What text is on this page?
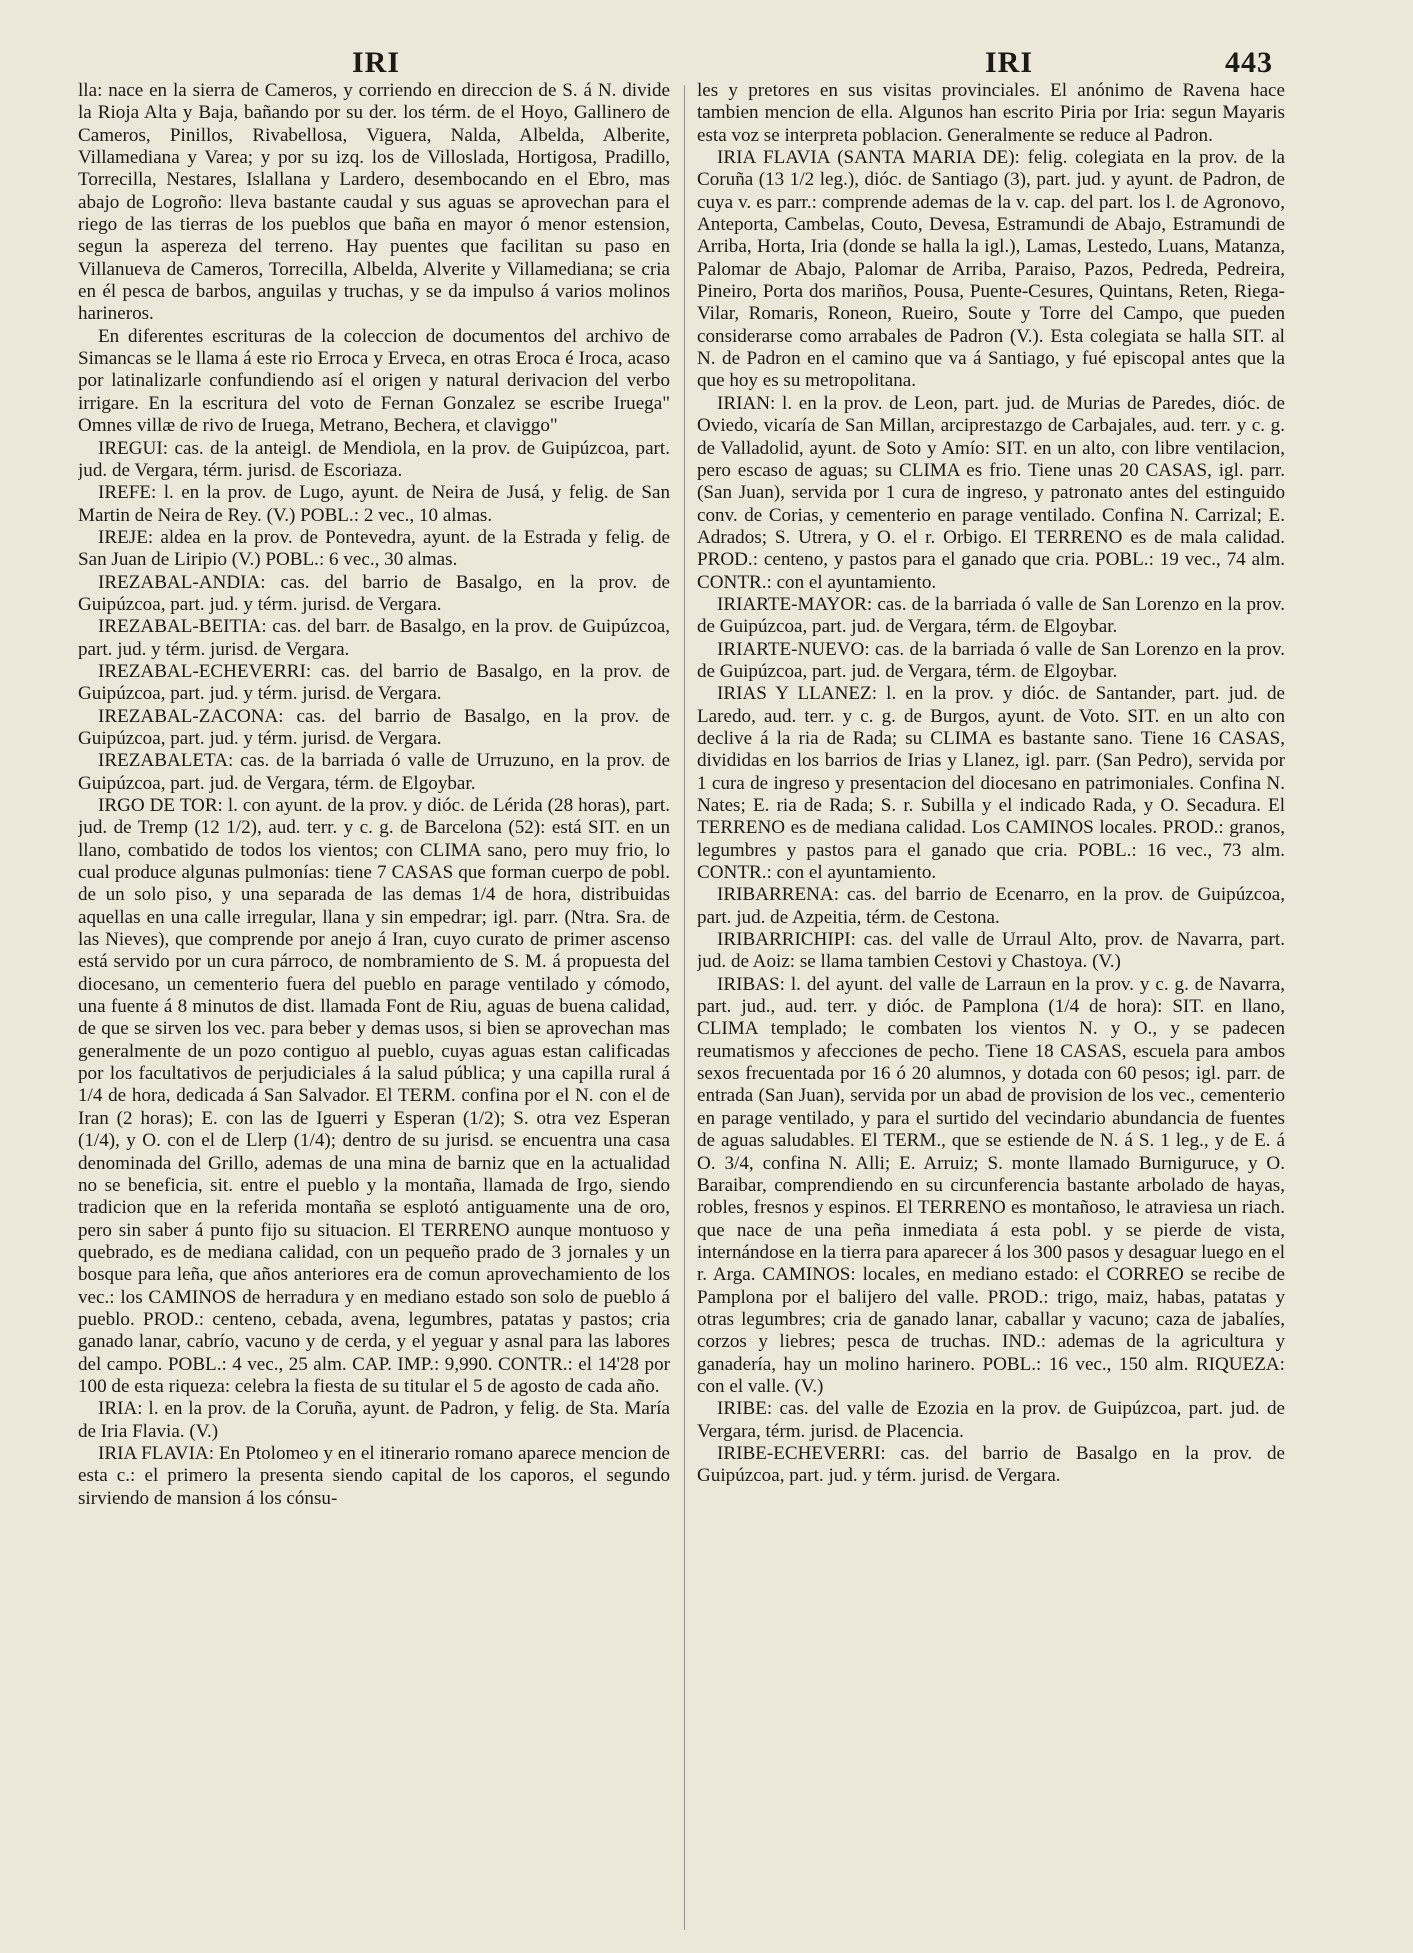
IRI	IRI	443

lla: nace en la sierra de Cameros, y corriendo en direccion de S. á N. divide la Rioja Alta y Baja, bañando por su der. los térm. de el Hoyo, Gallinero de Cameros, Pinillos, Rivabellosa, Viguera, Nalda, Albelda, Alberite, Villamediana y Varea; y por su izq. los de Villoslada, Hortigosa, Pradillo, Torrecilla, Nestares, Islallana y Lardero, desembocando en el Ebro, mas abajo de Logroño: lleva bastante caudal y sus aguas se aprovechan para el riego de las tierras de los pueblos que baña en mayor ó menor estension, segun la aspereza del terreno. Hay puentes que facilitan su paso en Villanueva de Cameros, Torrecilla, Albelda, Alverite y Villamediana; se cria en él pesca de barbos, anguilas y truchas, y se da impulso á varios molinos harineros.

En diferentes escrituras de la coleccion de documentos del archivo de Simancas se le llama á este rio Erroca y Erveca, en otras Eroca é Iroca, acaso por latinalizarle confundiendo así el origen y natural derivacion del verbo irrigare. En la escritura del voto de Fernan Gonzalez se escribe Iruega" Omnes villæ de rivo de Iruega, Metrano, Bechera, et claviggo"

IREGUI: cas. de la anteigl. de Mendiola, en la prov. de Guipúzcoa, part. jud. de Vergara, térm. jurisd. de Escoriaza.

IREFE: l. en la prov. de Lugo, ayunt. de Neira de Jusá, y felig. de San Martin de Neira de Rey. (V.) POBL.: 2 vec., 10 almas.

IREJE: aldea en la prov. de Pontevedra, ayunt. de la Estrada y felig. de San Juan de Liripio (V.) POBL.: 6 vec., 30 almas.

IREZABAL-ANDIA: cas. del barrio de Basalgo, en la prov. de Guipúzcoa, part. jud. y térm. jurisd. de Vergara.

IREZABAL-BEITIA: cas. del barr. de Basalgo, en la prov. de Guipúzcoa, part. jud. y térm. jurisd. de Vergara.

IREZABAL-ECHEVERRI: cas. del barrio de Basalgo, en la prov. de Guipúzcoa, part. jud. y térm. jurisd. de Vergara.

IREZABAL-ZACONA: cas. del barrio de Basalgo, en la prov. de Guipúzcoa, part. jud. y térm. jurisd. de Vergara.

IREZABALETA: cas. de la barriada ó valle de Urruzuno, en la prov. de Guipúzcoa, part. jud. de Vergara, térm. de Elgoybar.

IRGO DE TOR: l. con ayunt. de la prov. y dióc. de Lérida (28 horas), part. jud. de Tremp (12 1/2), aud. terr. y c. g. de Barcelona (52): está SIT. en un llano, combatido de todos los vientos; con CLIMA sano, pero muy frio, lo cual produce algunas pulmonías: tiene 7 CASAS que forman cuerpo de pobl. de un solo piso, y una separada de las demas 1/4 de hora, distribuidas aquellas en una calle irregular, llana y sin empedrar; igl. parr. (Ntra. Sra. de las Nieves), que comprende por anejo á Iran, cuyo curato de primer ascenso está servido por un cura párroco, de nombramiento de S. M. á propuesta del diocesano, un cementerio fuera del pueblo en parage ventilado y cómodo, una fuente á 8 minutos de dist. llamada Font de Riu, aguas de buena calidad, de que se sirven los vec. para beber y demas usos, si bien se aprovechan mas generalmente de un pozo contiguo al pueblo, cuyas aguas estan calificadas por los facultativos de perjudiciales á la salud pública; y una capilla rural á 1/4 de hora, dedicada á San Salvador. El TERM. confina por el N. con el de Iran (2 horas); E. con las de Iguerri y Esperan (1/2); S. otra vez Esperan (1/4), y O. con el de Llerp (1/4); dentro de su jurisd. se encuentra una casa denominada del Grillo, ademas de una mina de barniz que en la actualidad no se beneficia, sit. entre el pueblo y la montaña, llamada de Irgo, siendo tradicion que en la referida montaña se esplotó antiguamente una de oro, pero sin saber á punto fijo su situacion. El TERRENO aunque montuoso y quebrado, es de mediana calidad, con un pequeño prado de 3 jornales y un bosque para leña, que años anteriores era de comun aprovechamiento de los vec.: los CAMINOS de herradura y en mediano estado son solo de pueblo á pueblo. PROD.: centeno, cebada, avena, legumbres, patatas y pastos; cria ganado lanar, cabrío, vacuno y de cerda, y el yeguar y asnal para las labores del campo. POBL.: 4 vec., 25 alm. CAP. IMP.: 9,990. CONTR.: el 14'28 por 100 de esta riqueza: celebra la fiesta de su titular el 5 de agosto de cada año.

IRIA: l. en la prov. de la Coruña, ayunt. de Padron, y felig. de Sta. María de Iria Flavia. (V.)

IRIA FLAVIA: En Ptolomeo y en el itinerario romano aparece mencion de esta c.: el primero la presenta siendo capital de los caporos, el segundo sirviendo de mansion á los cónsu-

les y pretores en sus visitas provinciales. El anónimo de Ravena hace tambien mencion de ella. Algunos han escrito Piria por Iria: segun Mayaris esta voz se interpreta poblacion. Generalmente se reduce al Padron.

IRIA FLAVIA (SANTA MARIA DE): felig. colegiata en la prov. de la Coruña (13 1/2 leg.), dióc. de Santiago (3), part. jud. y ayunt. de Padron, de cuya v. es parr.: comprende ademas de la v. cap. del part. los l. de Agronovo, Anteporta, Cambelas, Couto, Devesa, Estramundi de Abajo, Estramundi de Arriba, Horta, Iria (donde se halla la igl.), Lamas, Lestedo, Luans, Matanza, Palomar de Abajo, Palomar de Arriba, Paraiso, Pazos, Pedreda, Pedreira, Pineiro, Porta dos mariños, Pousa, Puente-Cesures, Quintans, Reten, Riega-Vilar, Romaris, Roneon, Rueiro, Soute y Torre del Campo, que pueden considerarse como arrabales de Padron (V.). Esta colegiata se halla SIT. al N. de Padron en el camino que va á Santiago, y fué episcopal antes que la que hoy es su metropolitana.

IRIAN: l. en la prov. de Leon, part. jud. de Murias de Paredes, dióc. de Oviedo, vicaría de San Millan, arciprestazgo de Carbajales, aud. terr. y c. g. de Valladolid, ayunt. de Soto y Amío: SIT. en un alto, con libre ventilacion, pero escaso de aguas; su CLIMA es frio. Tiene unas 20 CASAS, igl. parr. (San Juan), servida por 1 cura de ingreso, y patronato antes del estinguido conv. de Corias, y cementerio en parage ventilado. Confina N. Carrizal; E. Adrados; S. Utrera, y O. el r. Orbigo. El TERRENO es de mala calidad. PROD.: centeno, y pastos para el ganado que cria. POBL.: 19 vec., 74 alm. CONTR.: con el ayuntamiento.

IRIARTE-MAYOR: cas. de la barriada ó valle de San Lorenzo en la prov. de Guipúzcoa, part. jud. de Vergara, térm. de Elgoybar.

IRIARTE-NUEVO: cas. de la barriada ó valle de San Lorenzo en la prov. de Guipúzcoa, part. jud. de Vergara, térm. de Elgoybar.

IRIAS Y LLANEZ: l. en la prov. y dióc. de Santander, part. jud. de Laredo, aud. terr. y c. g. de Burgos, ayunt. de Voto. SIT. en un alto con declive á la ria de Rada; su CLIMA es bastante sano. Tiene 16 CASAS, divididas en los barrios de Irias y Llanez, igl. parr. (San Pedro), servida por 1 cura de ingreso y presentacion del diocesano en patrimoniales. Confina N. Nates; E. ria de Rada; S. r. Subilla y el indicado Rada, y O. Secadura. El TERRENO es de mediana calidad. Los CAMINOS locales. PROD.: granos, legumbres y pastos para el ganado que cria. POBL.: 16 vec., 73 alm. CONTR.: con el ayuntamiento.

IRIBARRENA: cas. del barrio de Ecenarro, en la prov. de Guipúzcoa, part. jud. de Azpeitia, térm. de Cestona.

IRIBARRICHIPI: cas. del valle de Urraul Alto, prov. de Navarra, part. jud. de Aoiz: se llama tambien Cestovi y Chastoya. (V.)

IRIBAS: l. del ayunt. del valle de Larraun en la prov. y c. g. de Navarra, part. jud., aud. terr. y dióc. de Pamplona (1/4 de hora): SIT. en llano, CLIMA templado; le combaten los vientos N. y O., y se padecen reumatismos y afecciones de pecho. Tiene 18 CASAS, escuela para ambos sexos frecuentada por 16 ó 20 alumnos, y dotada con 60 pesos; igl. parr. de entrada (San Juan), servida por un abad de provision de los vec., cementerio en parage ventilado, y para el surtido del vecindario abundancia de fuentes de aguas saludables. El TERM., que se estiende de N. á S. 1 leg., y de E. á O. 3/4, confina N. Alli; E. Arruiz; S. monte llamado Burniguruce, y O. Baraibar, comprendiendo en su circunferencia bastante arbolado de hayas, robles, fresnos y espinos. El TERRENO es montañoso, le atraviesa un riach. que nace de una peña inmediata á esta pobl. y se pierde de vista, internándose en la tierra para aparecer á los 300 pasos y desaguar luego en el r. Arga. CAMINOS: locales, en mediano estado: el CORREO se recibe de Pamplona por el balijero del valle. PROD.: trigo, maiz, habas, patatas y otras legumbres; cria de ganado lanar, caballar y vacuno; caza de jabalíes, corzos y liebres; pesca de truchas. IND.: ademas de la agricultura y ganadería, hay un molino harinero. POBL.: 16 vec., 150 alm. RIQUEZA: con el valle. (V.)

IRIBE: cas. del valle de Ezozia en la prov. de Guipúzcoa, part. jud. de Vergara, térm. jurisd. de Placencia.

IRIBE-ECHEVERRI: cas. del barrio de Basalgo en la prov. de Guipúzcoa, part. jud. y térm. jurisd. de Vergara.
